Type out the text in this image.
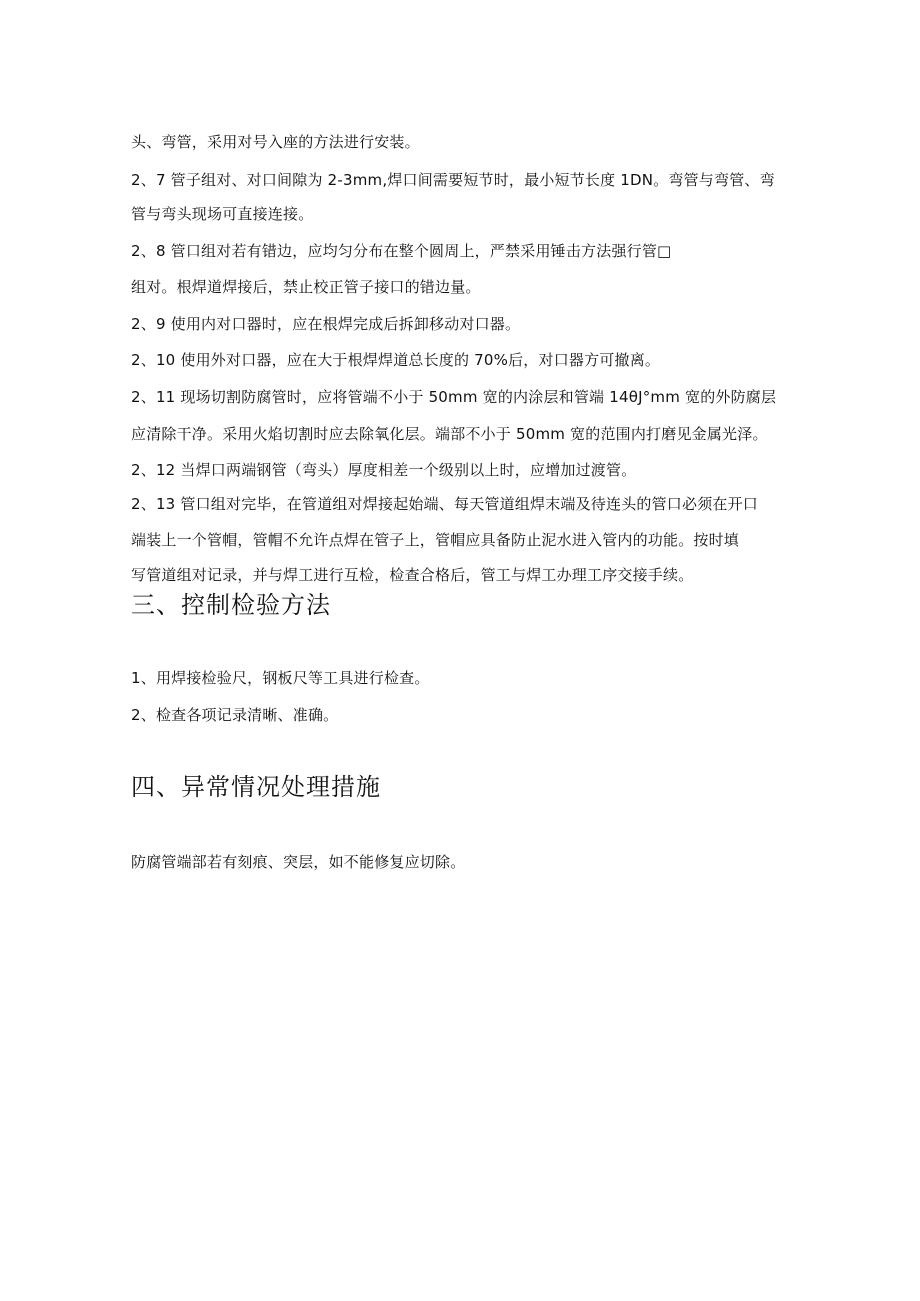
头、弯管，采用对号入座的方法进行安装。
2、7 管子组对、对口间隙为 2-3mm,焊口间需要短节时，最小短节长度 1DN。弯管与弯管、弯
管与弯头现场可直接连接。
2、8 管口组对若有错边，应均匀分布在整个圆周上，严禁采用锤击方法强行管□
组对。根焊道焊接后，禁止校正管子接口的错边量。
2、9 使用内对口器时，应在根焊完成后拆卸移动对口器。
2、10 使用外对口器，应在大于根焊焊道总长度的 70%后，对口器方可撤离。
2、11 现场切割防腐管时，应将管端不小于 50mm 宽的内涂层和管端 14θJ°mm 宽的外防腐层
应清除干净。采用火焰切割时应去除氧化层。端部不小于 50mm 宽的范围内打磨见金属光泽。
2、12 当焊口两端钢管（弯头）厚度相差一个级别以上时，应增加过渡管。
2、13 管口组对完毕，在管道组对焊接起始端、每天管道组焊末端及待连头的管口必须在开口
端装上一个管帽，管帽不允许点焊在管子上，管帽应具备防止泥水进入管内的功能。按时填
写管道组对记录，并与焊工进行互检，检查合格后，管工与焊工办理工序交接手续。
三、控制检验方法
1、用焊接检验尺，钢板尺等工具进行检查。
2、检查各项记录清晰、准确。
四、异常情况处理措施
防腐管端部若有刻痕、突层，如不能修复应切除。
